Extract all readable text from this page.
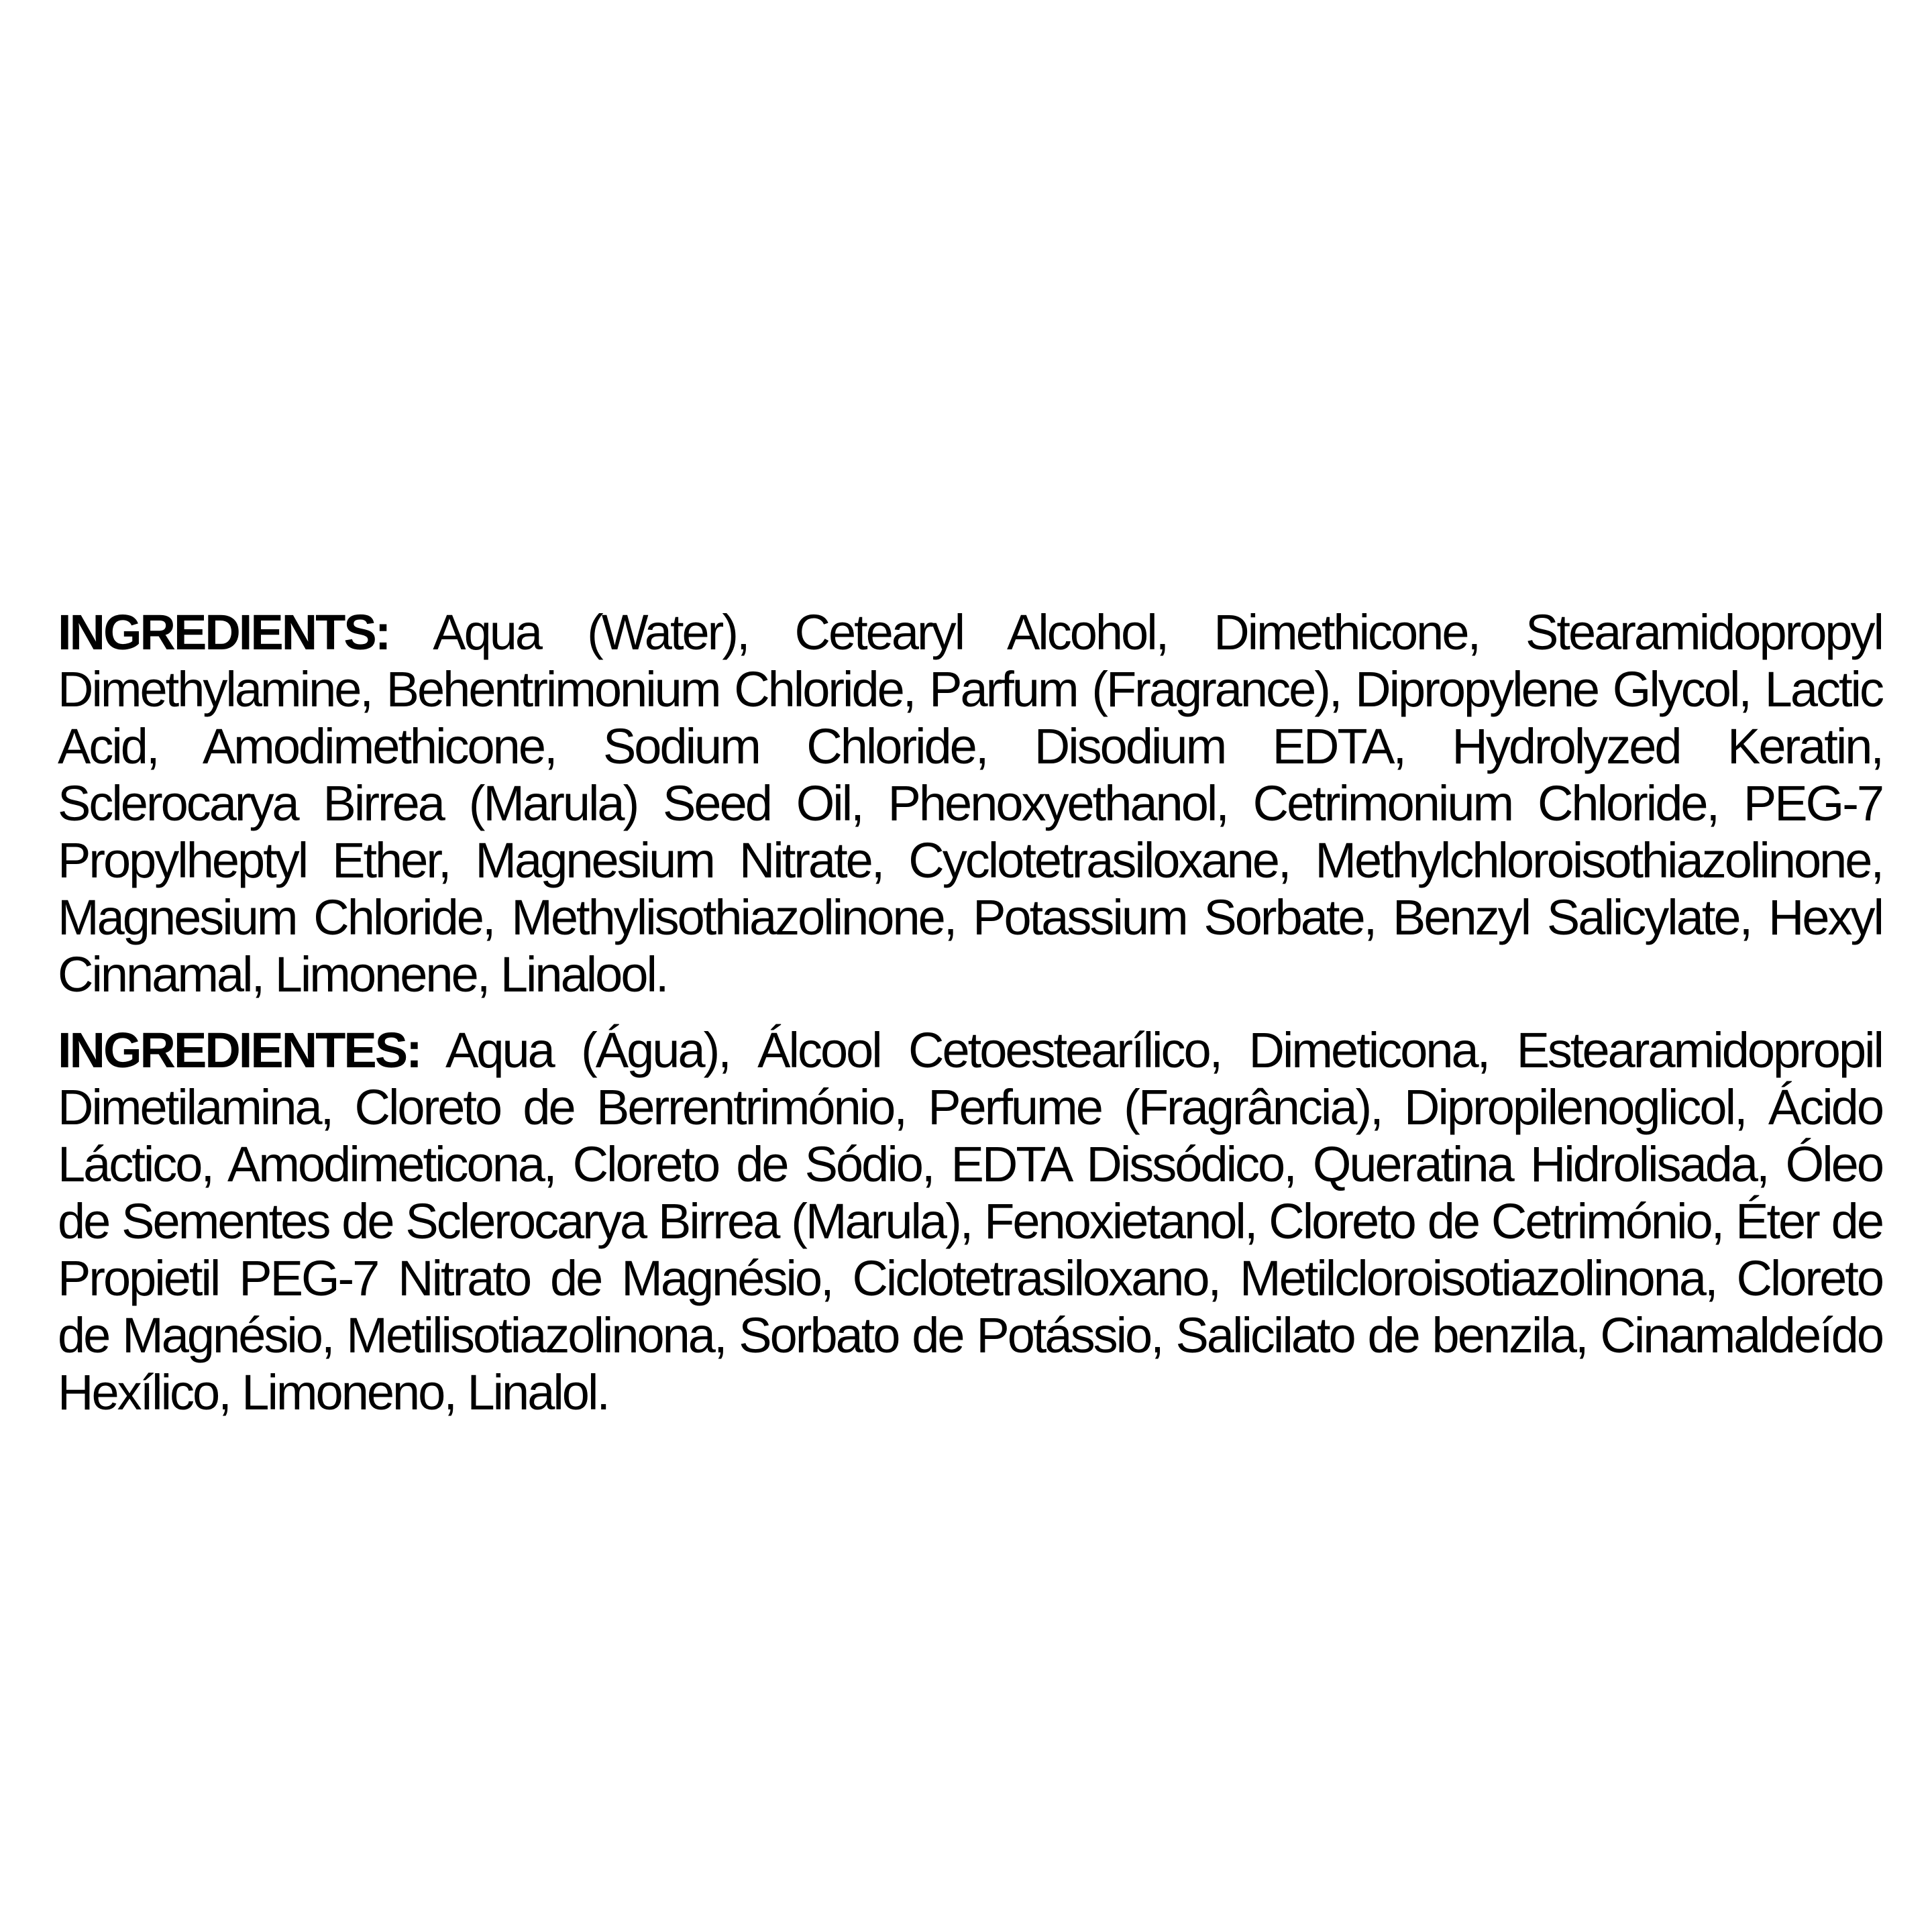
INGREDIENTS: Aqua (Water), Cetearyl Alcohol, Dimethicone, Stearamidopropyl Dimethylamine, Behentrimonium Chloride, Parfum (Fragrance), Dipropylene Glycol, Lactic Acid, Amodimethicone, Sodium Chloride, Disodium EDTA, Hydrolyzed Keratin, Sclerocarya Birrea (Marula) Seed Oil, Phenoxyethanol, Cetrimonium Chloride, PEG-7 Propylheptyl Ether, Magnesium Nitrate, Cyclotetrasiloxane, Methylchloroisothiazolinone, Magnesium Chloride, Methylisothiazolinone, Potassium Sorbate, Benzyl Salicylate, Hexyl Cinnamal, Limonene, Linalool.

INGREDIENTES: Aqua (Água), Álcool Cetoestearílico, Dimeticona, Estearamidopropil Dimetilamina, Cloreto de Berrentrimónio, Perfume (Fragrância), Dipropilenoglicol, Ácido Láctico, Amodimeticona, Cloreto de Sódio, EDTA Dissódico, Queratina Hidrolisada, Óleo de Sementes de Sclerocarya Birrea (Marula), Fenoxietanol, Cloreto de Cetrimónio, Éter de Propietil PEG-7 Nitrato de Magnésio, Ciclotetrasiloxano, Metilcloroisotiazolinona, Cloreto de Magnésio, Metilisotiazolinona, Sorbato de Potássio, Salicilato de benzila, Cinamaldeído Hexílico, Limoneno, Linalol.
